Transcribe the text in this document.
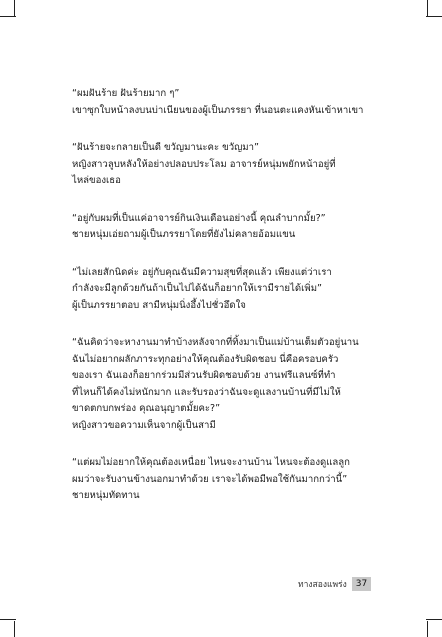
“ผมฝันร้าย ฝันร้ายมาก ๆ”
เขาซุกใบหน้าลงบนบ่าเนียนของผู้เป็นภรรยา ที่นอนตะแคงหันเข้าหาเขา
“ฝันร้ายจะกลายเป็นดี ขวัญมานะคะ ขวัญมา”
หญิงสาวลูบหลังให้อย่างปลอบประโลม อาจารย์หนุ่มพยักหน้าอยู่ที่
ไหล่ของเธอ
“อยู่กับผมที่เป็นแค่อาจารย์กินเงินเดือนอย่างนี้ คุณลำบากมั้ย?”
ชายหนุ่มเอ่ยถามผู้เป็นภรรยาโดยที่ยังไม่คลายอ้อมแขน
“ไม่เลยสักนิดค่ะ อยู่กับคุณฉันมีความสุขที่สุดแล้ว เพียงแต่ว่าเรา
กำลังจะมีลูกด้วยกันถ้าเป็นไปได้ฉันก็อยากให้เรามีรายได้เพิ่ม”
ผู้เป็นภรรยาตอบ สามีหนุ่มนิ่งอึ้งไปชั่วอึดใจ
“ฉันคิดว่าจะหางานมาทำบ้างหลังจากที่ทิ้งมาเป็นแม่บ้านเต็มตัวอยู่นาน
ฉันไม่อยากผลักภาระทุกอย่างให้คุณต้องรับผิดชอบ นี่คือครอบครัว
ของเรา ฉันเองก็อยากร่วมมีส่วนรับผิดชอบด้วย งานฟรีแลนซ์ที่ทำ
ที่ไหนก็ได้คงไม่หนักมาก และรับรองว่าฉันจะดูแลงานบ้านที่มีไม่ให้
ขาดตกบกพร่อง คุณอนุญาตมั้ยคะ?”
หญิงสาวขอความเห็นจากผู้เป็นสามี
“แต่ผมไม่อยากให้คุณต้องเหนื่อย ไหนจะงานบ้าน ไหนจะต้องดูแลลูก
ผมว่าจะรับงานข้างนอกมาทำด้วย เราจะได้พอมีพอใช้กันมากกว่านี้”
ชายหนุ่มทัดทาน
ทางสองแพร่ง	37
